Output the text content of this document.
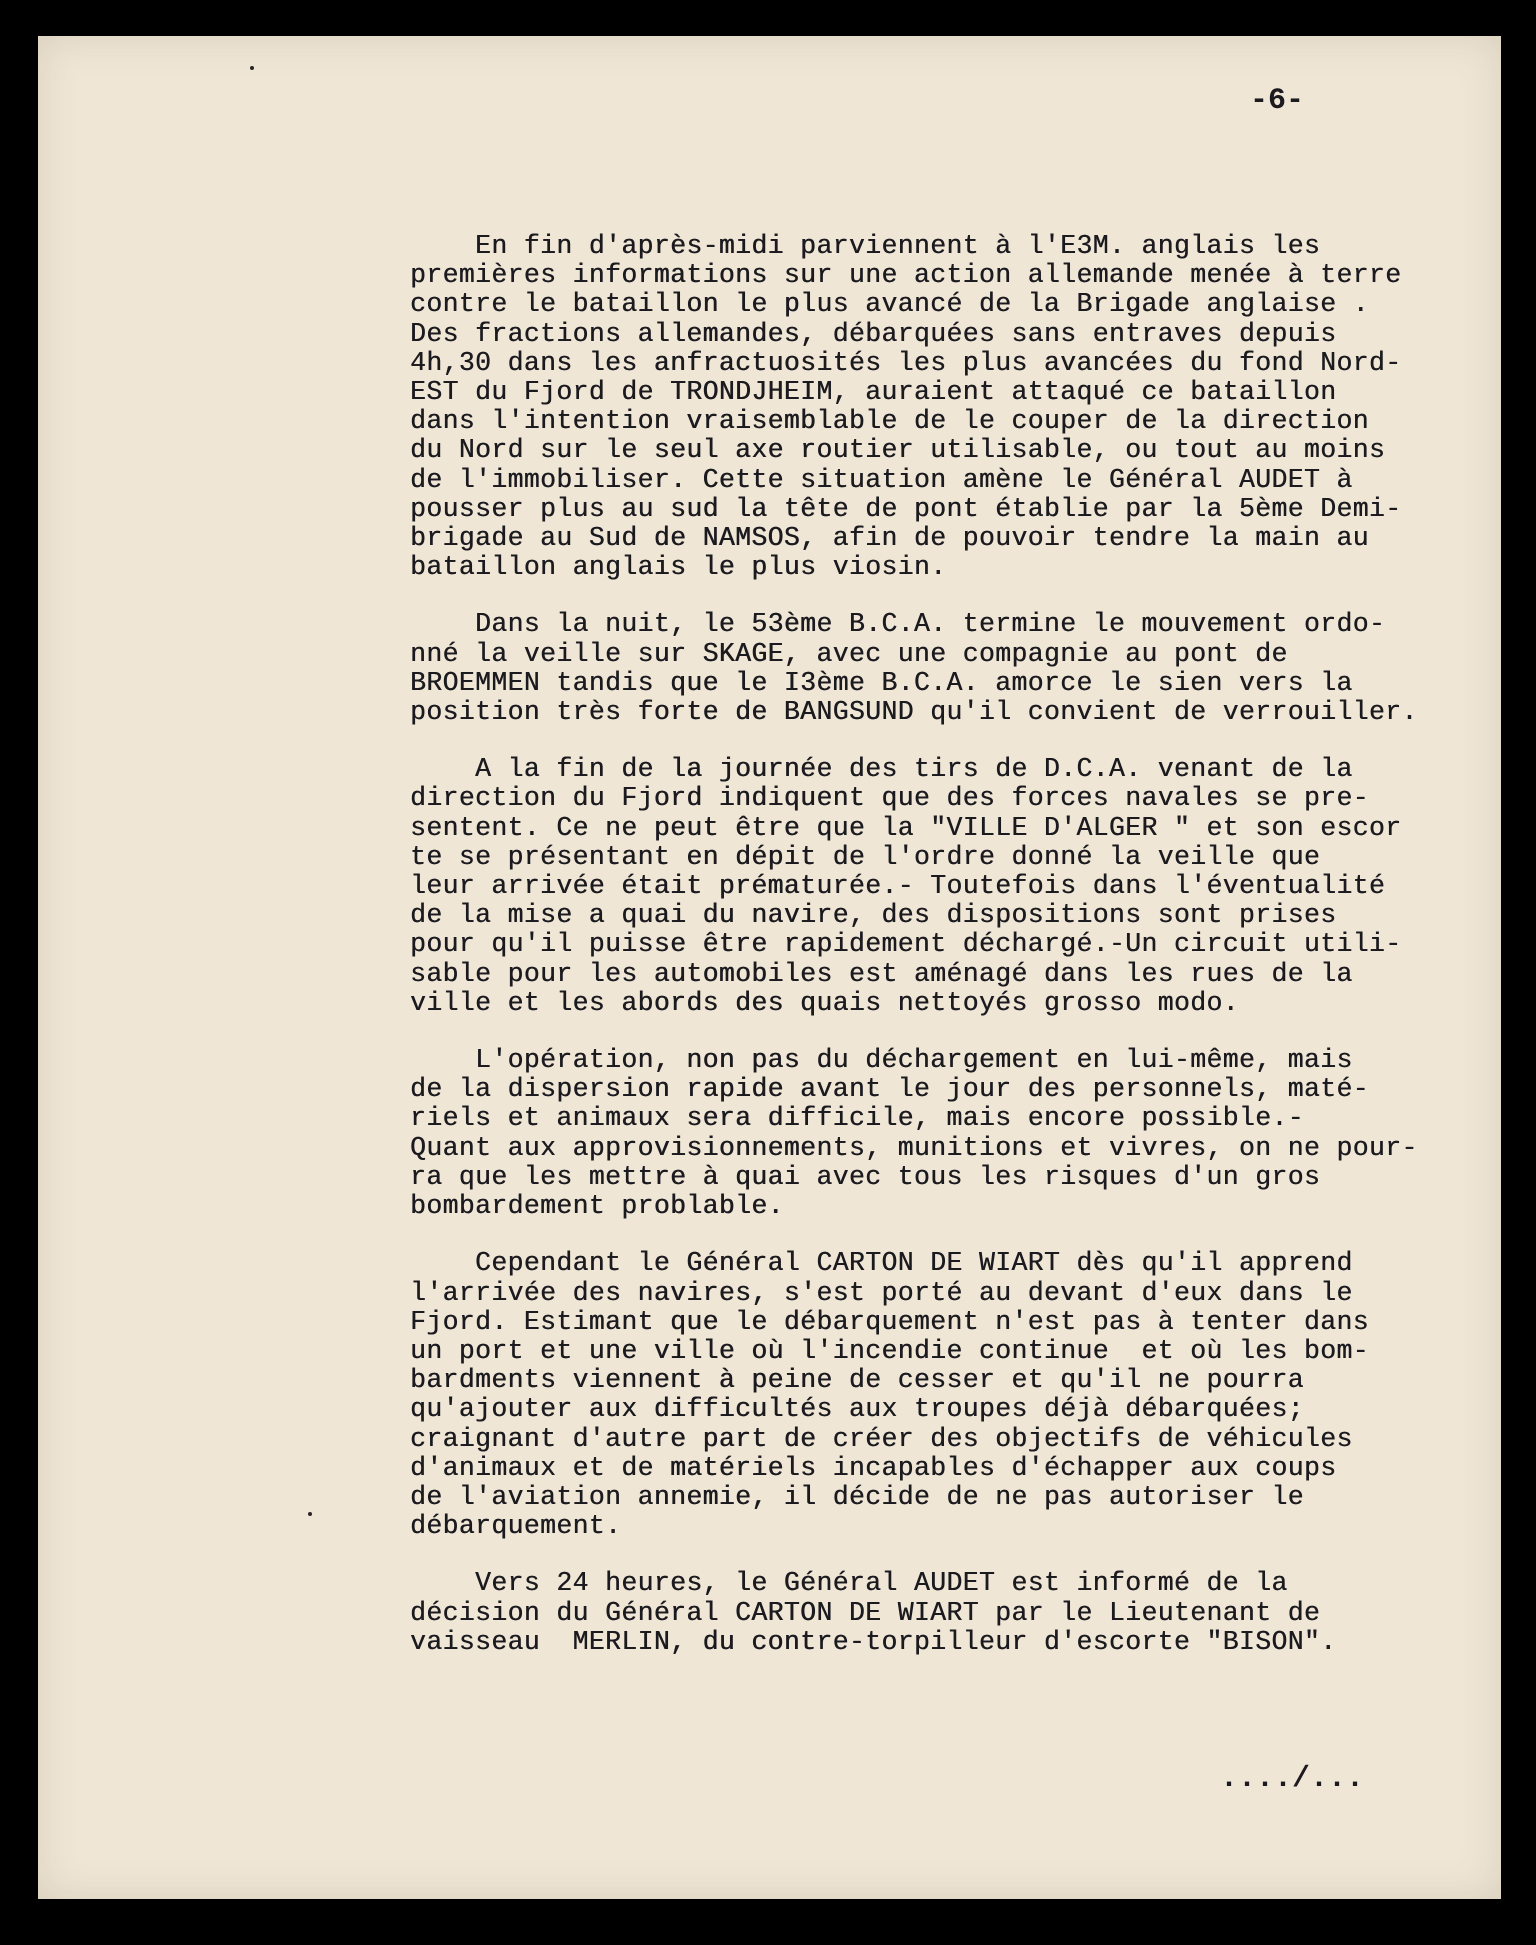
-6-

En fin d'après-midi parviennent à l'E3M. anglais les
premières informations sur une action allemande menée à terre
contre le bataillon le plus avancé de la Brigade anglaise .
Des fractions allemandes, débarquées sans entraves depuis
4h,30 dans les anfractuosités les plus avancées du fond Nord-
EST du Fjord de TRONDJHEIM, auraient attaqué ce bataillon
dans l'intention vraisemblable de le couper de la direction
du Nord sur le seul axe routier utilisable, ou tout au moins
de l'immobiliser. Cette situation amène le Général AUDET à
pousser plus au sud la tête de pont établie par la 5ème Demi-
brigade au Sud de NAMSOS, afin de pouvoir tendre la main au
bataillon anglais le plus viosin.
Dans la nuit, le 53ème B.C.A. termine le mouvement ordo-
nné la veille sur SKAGE, avec une compagnie au pont de
BROEMMEN tandis que le I3ème B.C.A. amorce le sien vers la
position très forte de BANGSUND qu'il convient de verrouiller.
A la fin de la journée des tirs de D.C.A. venant de la
direction du Fjord indiquent que des forces navales se pre-
sentent. Ce ne peut être que la "VILLE D'ALGER " et son escor
te se présentant en dépit de l'ordre donné la veille que
leur arrivée était prématurée.- Toutefois dans l'éventualité
de la mise a quai du navire, des dispositions sont prises
pour qu'il puisse être rapidement déchargé.-Un circuit utili-
sable pour les automobiles est aménagé dans les rues de la
ville et les abords des quais nettoyés grosso modo.
L'opération, non pas du déchargement en lui-même, mais
de la dispersion rapide avant le jour des personnels, maté-
riels et animaux sera difficile, mais encore possible.-
Quant aux approvisionnements, munitions et vivres, on ne pour-
ra que les mettre à quai avec tous les risques d'un gros
bombardement problable.
Cependant le Général CARTON DE WIART dès qu'il apprend
l'arrivée des navires, s'est porté au devant d'eux dans le
Fjord. Estimant que le débarquement n'est pas à tenter dans
un port et une ville où l'incendie continue  et où les bom-
bardments viennent à peine de cesser et qu'il ne pourra
qu'ajouter aux difficultés aux troupes déjà débarquées;
craignant d'autre part de créer des objectifs de véhicules
d'animaux et de matériels incapables d'échapper aux coups
de l'aviation annemie, il décide de ne pas autoriser le
débarquement.
Vers 24 heures, le Général AUDET est informé de la
décision du Général CARTON DE WIART par le Lieutenant de
vaisseau  MERLIN, du contre-torpilleur d'escorte "BISON".

..../...
